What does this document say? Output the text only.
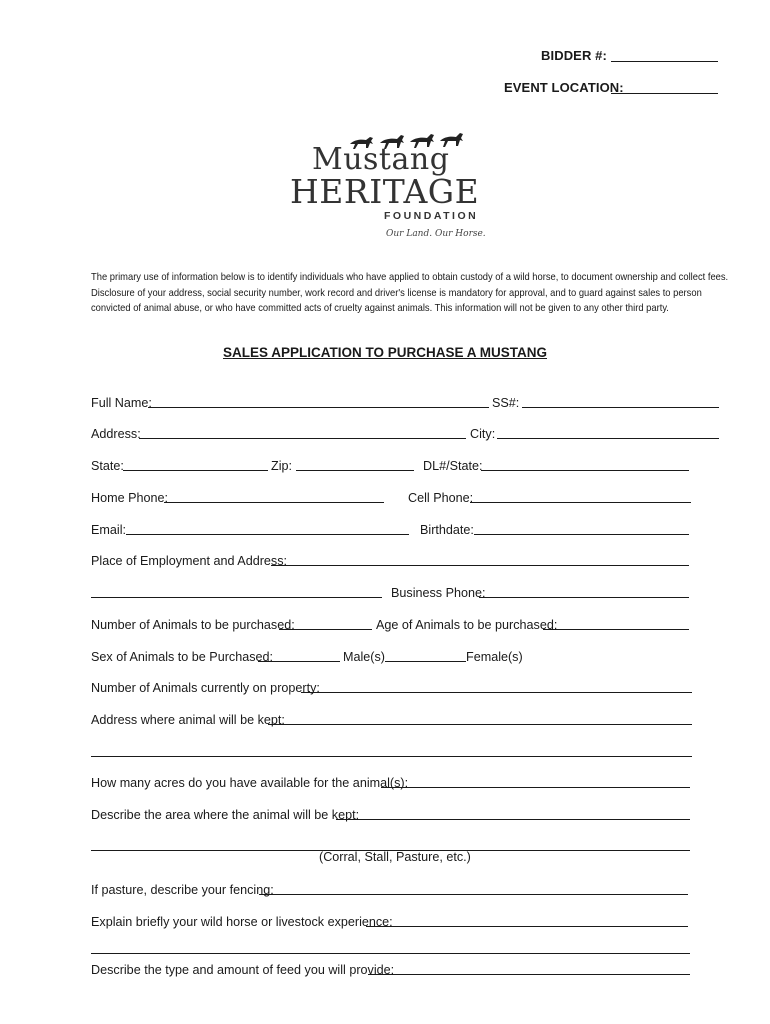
BIDDER #:
EVENT LOCATION:
Mustang
HERITAGE
FOUNDATION
Our Land. Our Horse.
The primary use of information below is to identify individuals who have applied to obtain custody of a wild horse, to document ownership and collect fees.
Disclosure of your address, social security number, work record and driver's license is mandatory for approval, and to guard against sales to person
convicted of animal abuse, or who have committed acts of cruelty against animals. This information will not be given to any other third party.
SALES APPLICATION TO PURCHASE A MUSTANG
Full Name:	SS#:
Address:	City:
State:	Zip:	DL#/State:
Home Phone:	Cell Phone:
Email:	Birthdate:
Place of Employment and Address:
Business Phone:
Number of Animals to be purchased:	Age of Animals to be purchased:
Sex of Animals to be Purchased:	Male(s)	Female(s)
Number of Animals currently on property:
Address where animal will be kept:
How many acres do you have available for the animal(s):
Describe the area where the animal will be kept:
(Corral, Stall, Pasture, etc.)
If pasture, describe your fencing:
Explain briefly your wild horse or livestock experience:
Describe the type and amount of feed you will provide:
